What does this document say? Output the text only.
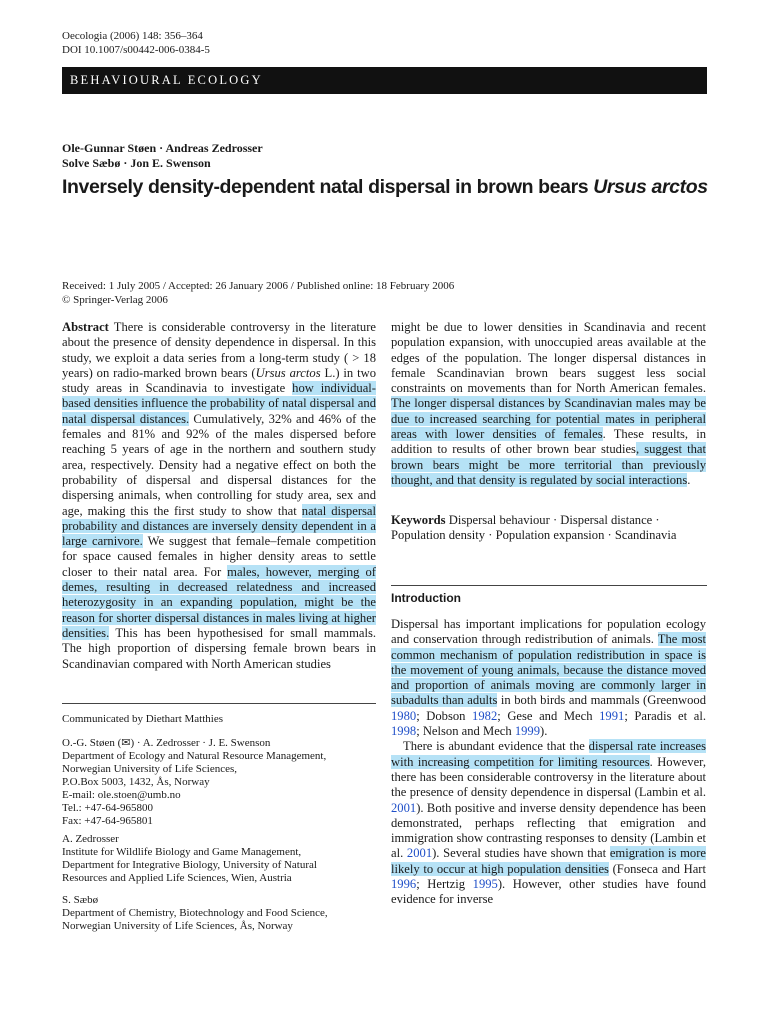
Oecologia (2006) 148: 356–364
DOI 10.1007/s00442-006-0384-5
BEHAVIOURAL ECOLOGY
Ole-Gunnar Støen · Andreas Zedrosser
Solve Sæbø · Jon E. Swenson
Inversely density-dependent natal dispersal in brown bears Ursus arctos
Received: 1 July 2005 / Accepted: 26 January 2006 / Published online: 18 February 2006
© Springer-Verlag 2006
Abstract There is considerable controversy in the literature about the presence of density dependence in dispersal. In this study, we exploit a data series from a long-term study ( > 18 years) on radio-marked brown bears (Ursus arctos L.) in two study areas in Scandinavia to investigate how individual-based densities influence the probability of natal dispersal and natal dispersal distances. Cumulatively, 32% and 46% of the females and 81% and 92% of the males dispersed before reaching 5 years of age in the northern and southern study area, respectively. Density had a negative effect on both the probability of dispersal and dispersal distances for the dispersing animals, when controlling for study area, sex and age, making this the first study to show that natal dispersal probability and distances are inversely density dependent in a large carnivore. We suggest that female–female competition for space caused females in higher density areas to settle closer to their natal area. For males, however, merging of demes, resulting in decreased relatedness and increased heterozygosity in an expanding population, might be the reason for shorter dispersal distances in males living at higher densities. This has been hypothesised for small mammals. The high proportion of dispersing female brown bears in Scandinavian compared with North American studies
Communicated by Diethart Matthies
O.-G. Støen (✉) · A. Zedrosser · J. E. Swenson
Department of Ecology and Natural Resource Management,
Norwegian University of Life Sciences,
P.O.Box 5003, 1432, Ås, Norway
E-mail: ole.stoen@umb.no
Tel.: +47-64-965800
Fax: +47-64-965801
A. Zedrosser
Institute for Wildlife Biology and Game Management,
Department for Integrative Biology, University of Natural
Resources and Applied Life Sciences, Wien, Austria
S. Sæbø
Department of Chemistry, Biotechnology and Food Science,
Norwegian University of Life Sciences, Ås, Norway
might be due to lower densities in Scandinavia and recent population expansion, with unoccupied areas available at the edges of the population. The longer dispersal distances in female Scandinavian brown bears suggest less social constraints on movements than for North American females. The longer dispersal distances by Scandinavian males may be due to increased searching for potential mates in peripheral areas with lower densities of females. These results, in addition to results of other brown bear studies, suggest that brown bears might be more territorial than previously thought, and that density is regulated by social interactions.
Keywords Dispersal behaviour · Dispersal distance · Population density · Population expansion · Scandinavia
Introduction
Dispersal has important implications for population ecology and conservation through redistribution of animals. The most common mechanism of population redistribution in space is the movement of young animals, because the distance moved and proportion of animals moving are commonly larger in subadults than adults in both birds and mammals (Greenwood 1980; Dobson 1982; Gese and Mech 1991; Paradis et al. 1998; Nelson and Mech 1999).
There is abundant evidence that the dispersal rate increases with increasing competition for limiting resources. However, there has been considerable controversy in the literature about the presence of density dependence in dispersal (Lambin et al. 2001). Both positive and inverse density dependence has been demonstrated, perhaps reflecting that emigration and immigration show contrasting responses to density (Lambin et al. 2001). Several studies have shown that emigration is more likely to occur at high population densities (Fonseca and Hart 1996; Hertzig 1995). However, other studies have found evidence for inverse
